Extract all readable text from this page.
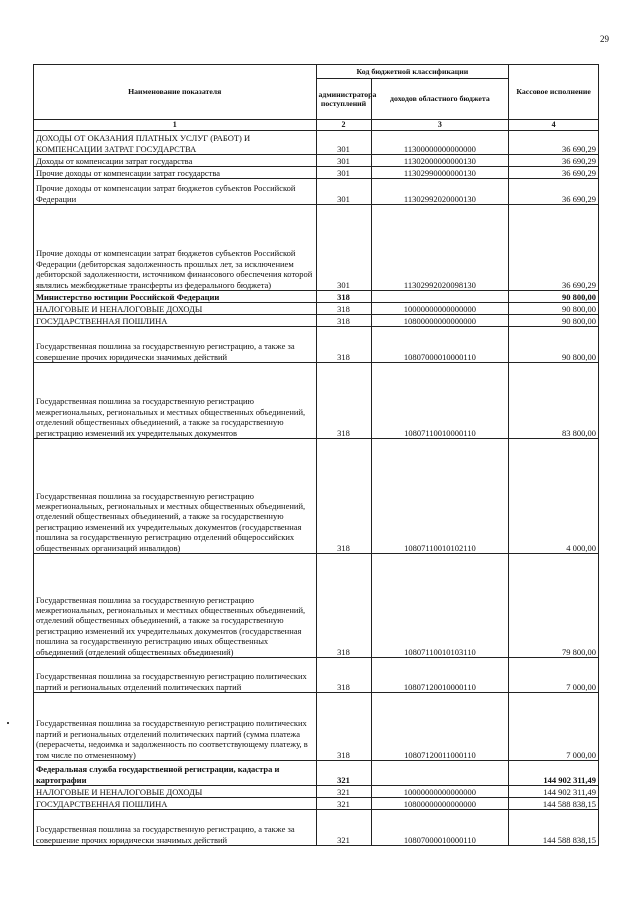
29
Наименование показателя	Код бюджетной классификации		Кассовое исполнение
	администратора поступлений	доходов областного бюджета	
1	2	3	4
ДОХОДЫ ОТ ОКАЗАНИЯ ПЛАТНЫХ УСЛУГ (РАБОТ) И КОМПЕНСАЦИИ ЗАТРАТ ГОСУДАРСТВА	301	11300000000000000	36 690,29
Доходы от компенсации затрат государства	301	11302000000000130	36 690,29
Прочие доходы от компенсации затрат государства	301	11302990000000130	36 690,29
Прочие доходы от компенсации затрат бюджетов субъектов Российской Федерации	301	11302992020000130	36 690,29
Прочие доходы от компенсации затрат бюджетов субъектов Российской Федерации (дебиторская задолженность прошлых лет, за исключением дебиторской задолженности, источником финансового обеспечения которой являлись межбюджетные трансферты из федерального бюджета)	301	11302992020098130	36 690,29
Министерство юстиции Российской Федерации	318		90 800,00
НАЛОГОВЫЕ И НЕНАЛОГОВЫЕ ДОХОДЫ	318	10000000000000000	90 800,00
ГОСУДАРСТВЕННАЯ ПОШЛИНА	318	10800000000000000	90 800,00
Государственная пошлина за государственную регистрацию, а также за совершение прочих юридически значимых действий	318	10807000010000110	90 800,00
Государственная пошлина за государственную регистрацию межрегиональных, региональных и местных общественных объединений, отделений общественных объединений, а также за государственную регистрацию изменений их учредительных документов	318	10807110010000110	83 800,00
Государственная пошлина за государственную регистрацию межрегиональных, региональных и местных общественных объединений, отделений общественных объединений, а также за государственную регистрацию изменений их учредительных документов (государственная пошлина за государственную регистрацию отделений общероссийских общественных организаций инвалидов)	318	10807110010102110	4 000,00
Государственная пошлина за государственную регистрацию межрегиональных, региональных и местных общественных объединений, отделений общественных объединений, а также за государственную регистрацию изменений их учредительных документов (государственная пошлина за государственную регистрацию иных общественных объединений (отделений общественных объединений)	318	10807110010103110	79 800,00
Государственная пошлина за государственную регистрацию политических партий и региональных отделений политических партий	318	10807120010000110	7 000,00
Государственная пошлина за государственную регистрацию политических партий и региональных отделений политических партий (сумма платежа (перерасчеты, недоимка и задолженность по соответствующему платежу, в том числе по отмененному)	318	10807120011000110	7 000,00
Федеральная служба государственной регистрации, кадастра и картографии	321		144 902 311,49
НАЛОГОВЫЕ И НЕНАЛОГОВЫЕ ДОХОДЫ	321	10000000000000000	144 902 311,49
ГОСУДАРСТВЕННАЯ ПОШЛИНА	321	10800000000000000	144 588 838,15
Государственная пошлина за государственную регистрацию, а также за совершение прочих юридически значимых действий	321	10807000010000110	144 588 838,15
